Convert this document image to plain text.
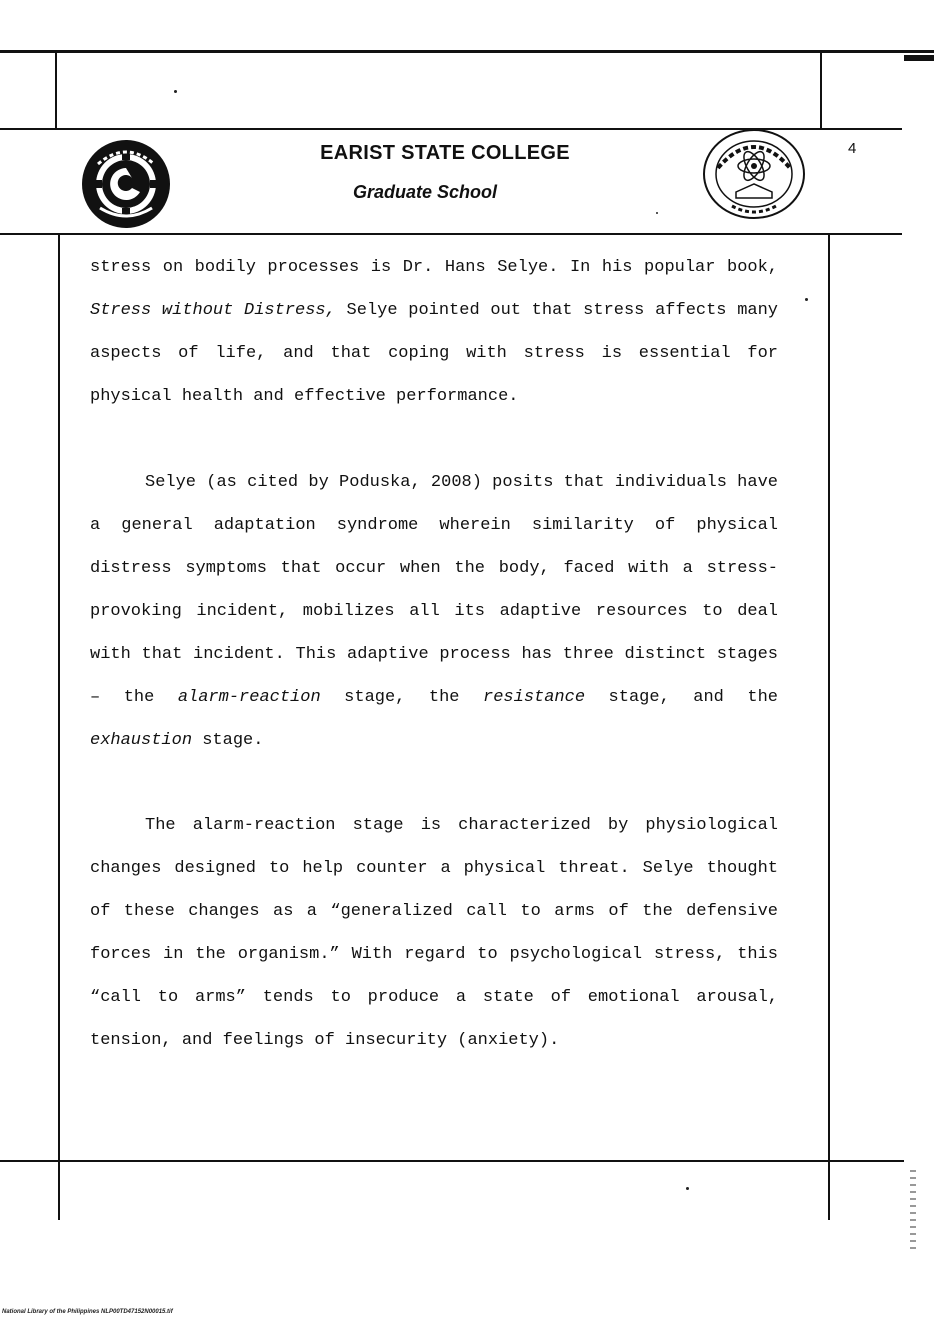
EARIST STATE COLLEGE
Graduate School
4

stress on bodily processes is Dr. Hans Selye. In his popular book, Stress without Distress, Selye pointed out that stress affects many aspects of life, and that coping with stress is essential for physical health and effective performance.

Selye (as cited by Poduska, 2008) posits that individuals have a general adaptation syndrome wherein similarity of physical distress symptoms that occur when the body, faced with a stress-provoking incident, mobilizes all its adaptive resources to deal with that incident. This adaptive process has three distinct stages – the alarm-reaction stage, the resistance stage, and the exhaustion stage.

The alarm-reaction stage is characterized by physiological changes designed to help counter a physical threat. Selye thought of these changes as a “generalized call to arms of the defensive forces in the organism.” With regard to psychological stress, this “call to arms” tends to produce a state of emotional arousal, tension, and feelings of insecurity (anxiety).

National Library of the Philippines NLP00TD47152N00015.tif
